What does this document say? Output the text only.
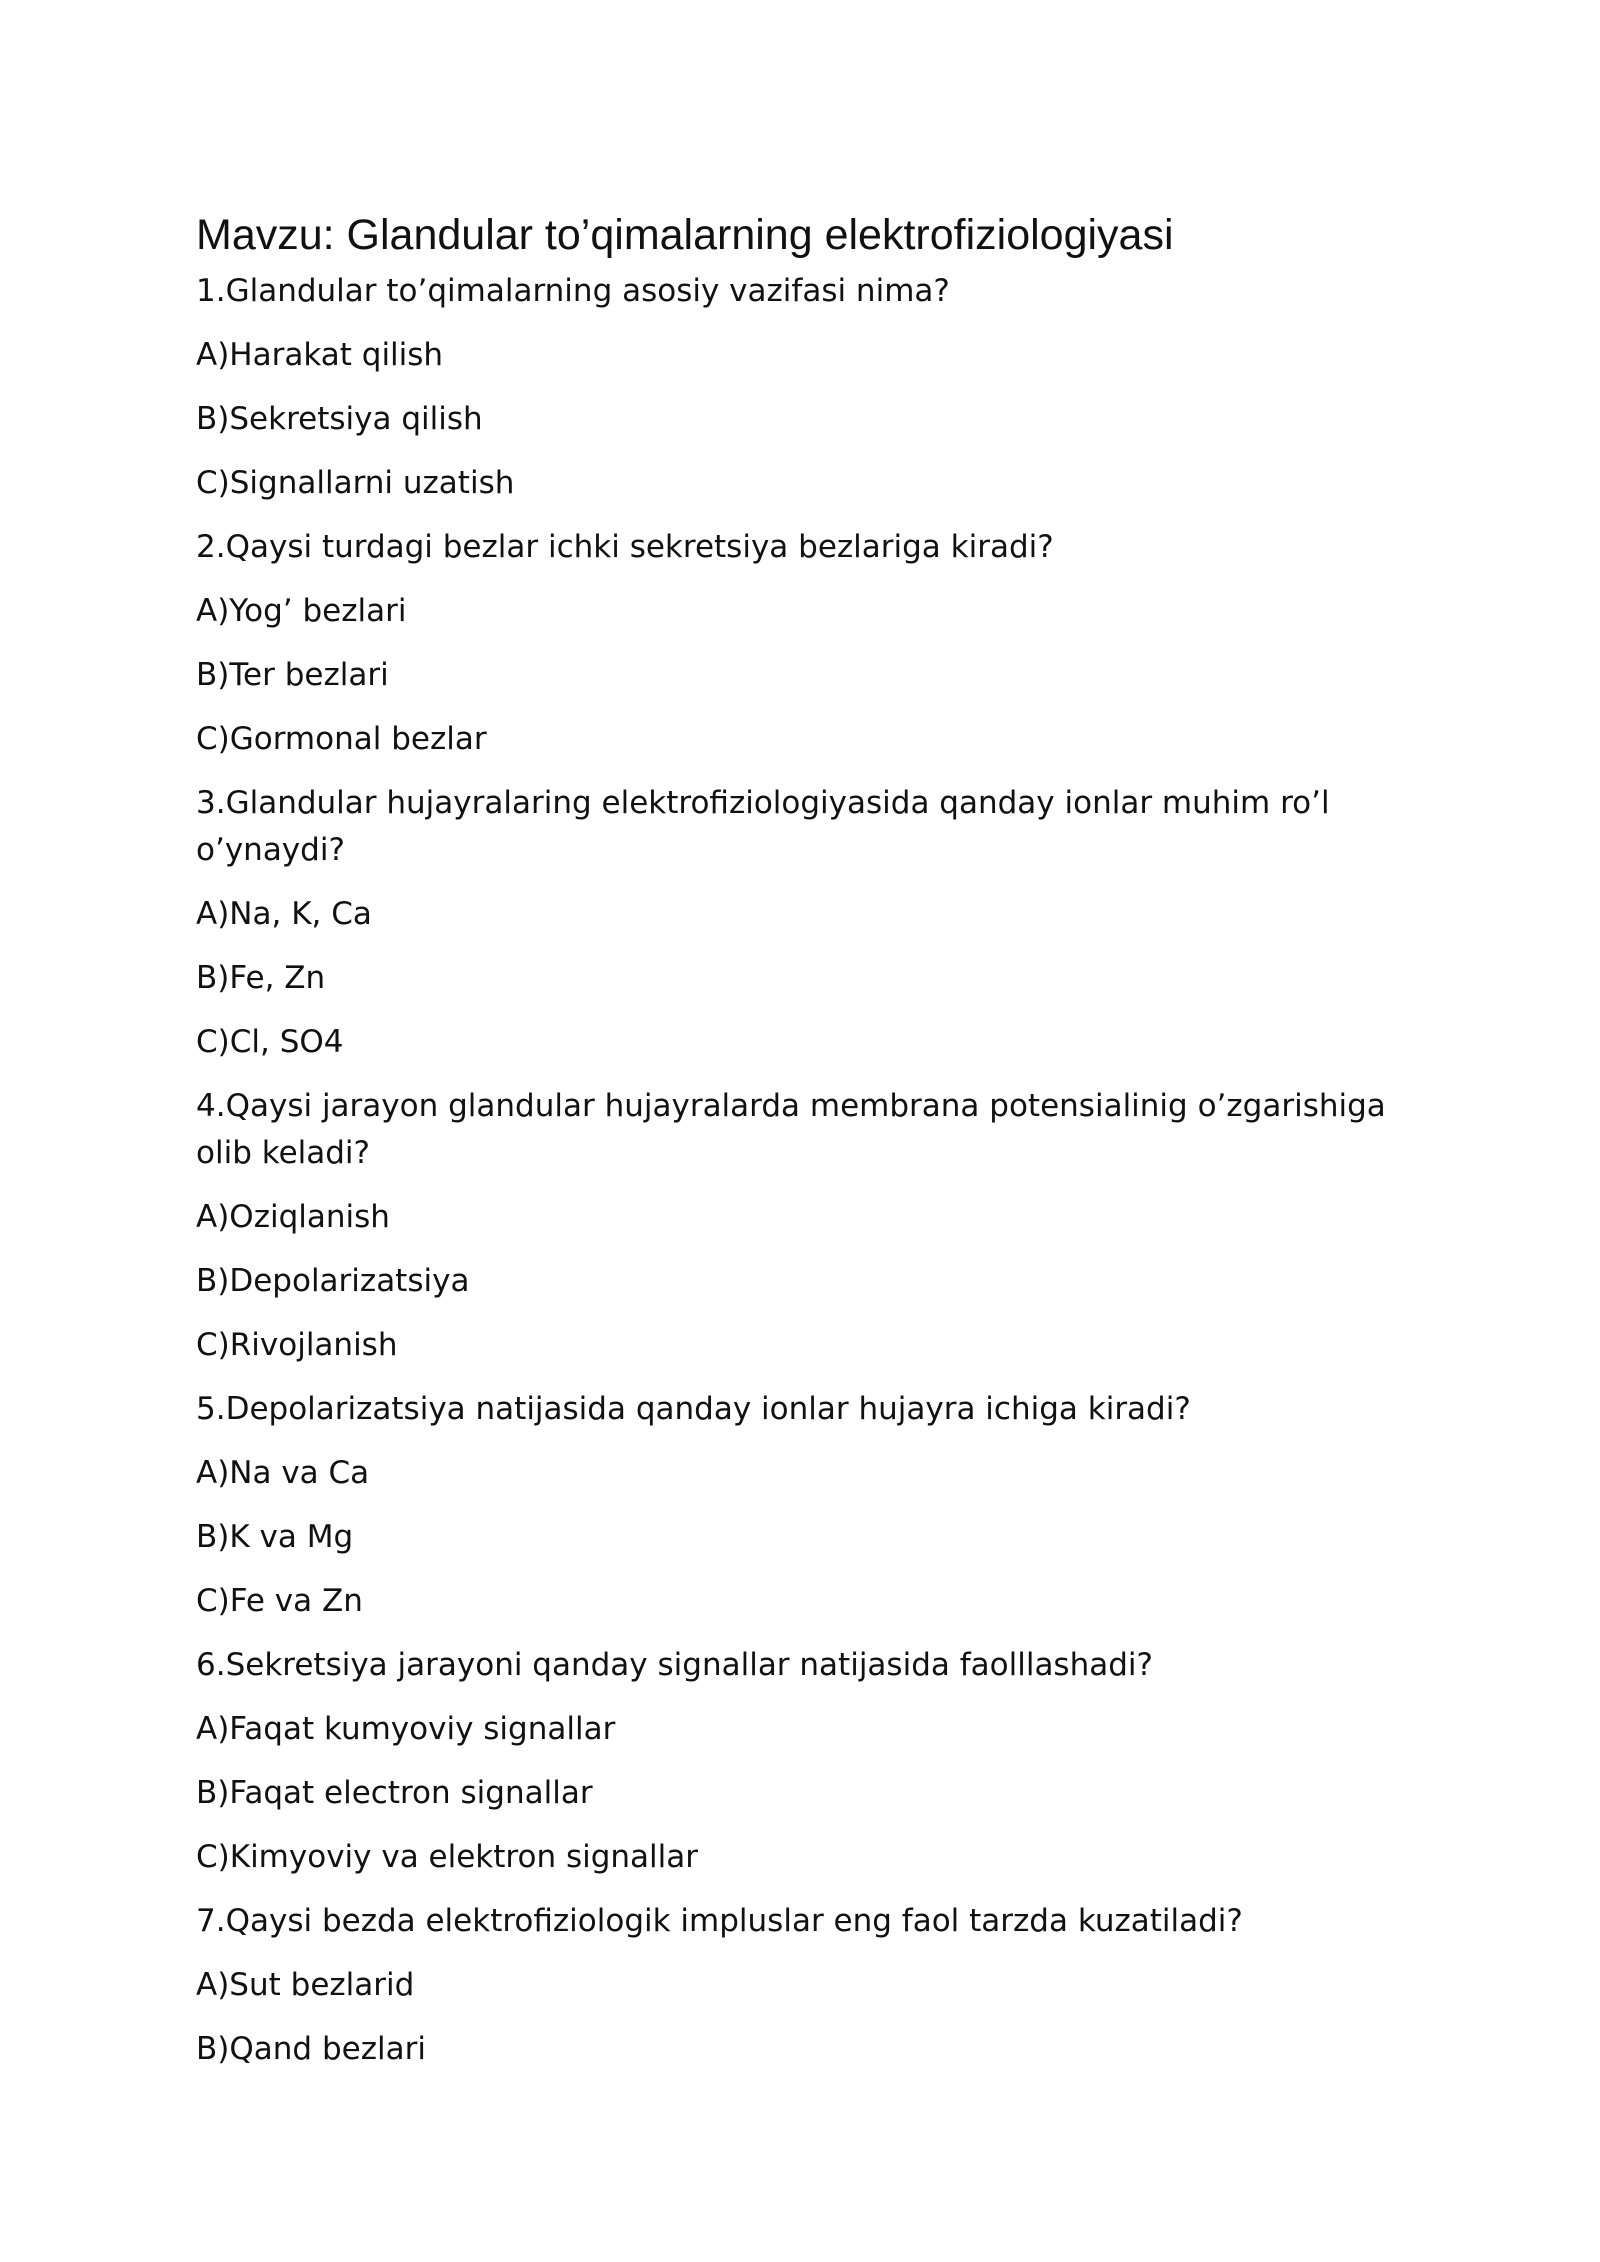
Mavzu: Glandular to’qimalarning elektrofiziologiyasi
1.Glandular to’qimalarning asosiy vazifasi nima?
A)Harakat qilish
B)Sekretsiya qilish
C)Signallarni uzatish
2.Qaysi turdagi bezlar ichki sekretsiya bezlariga kiradi?
A)Yog’ bezlari
B)Ter bezlari
C)Gormonal bezlar
3.Glandular hujayralaring elektrofiziologiyasida qanday ionlar muhim ro’l o’ynaydi?
A)Na, K, Ca
B)Fe, Zn
C)Cl, SO4
4.Qaysi jarayon glandular hujayralarda membrana potensialinig o’zgarishiga olib keladi?
A)Oziqlanish
B)Depolarizatsiya
C)Rivojlanish
5.Depolarizatsiya natijasida qanday ionlar hujayra ichiga kiradi?
A)Na va Ca
B)K va Mg
C)Fe va Zn
6.Sekretsiya jarayoni qanday signallar natijasida faolllashadi?
A)Faqat kumyoviy signallar
B)Faqat electron signallar
C)Kimyoviy va elektron signallar
7.Qaysi bezda elektrofiziologik impluslar eng faol tarzda kuzatiladi?
A)Sut bezlarid
B)Qand bezlari
